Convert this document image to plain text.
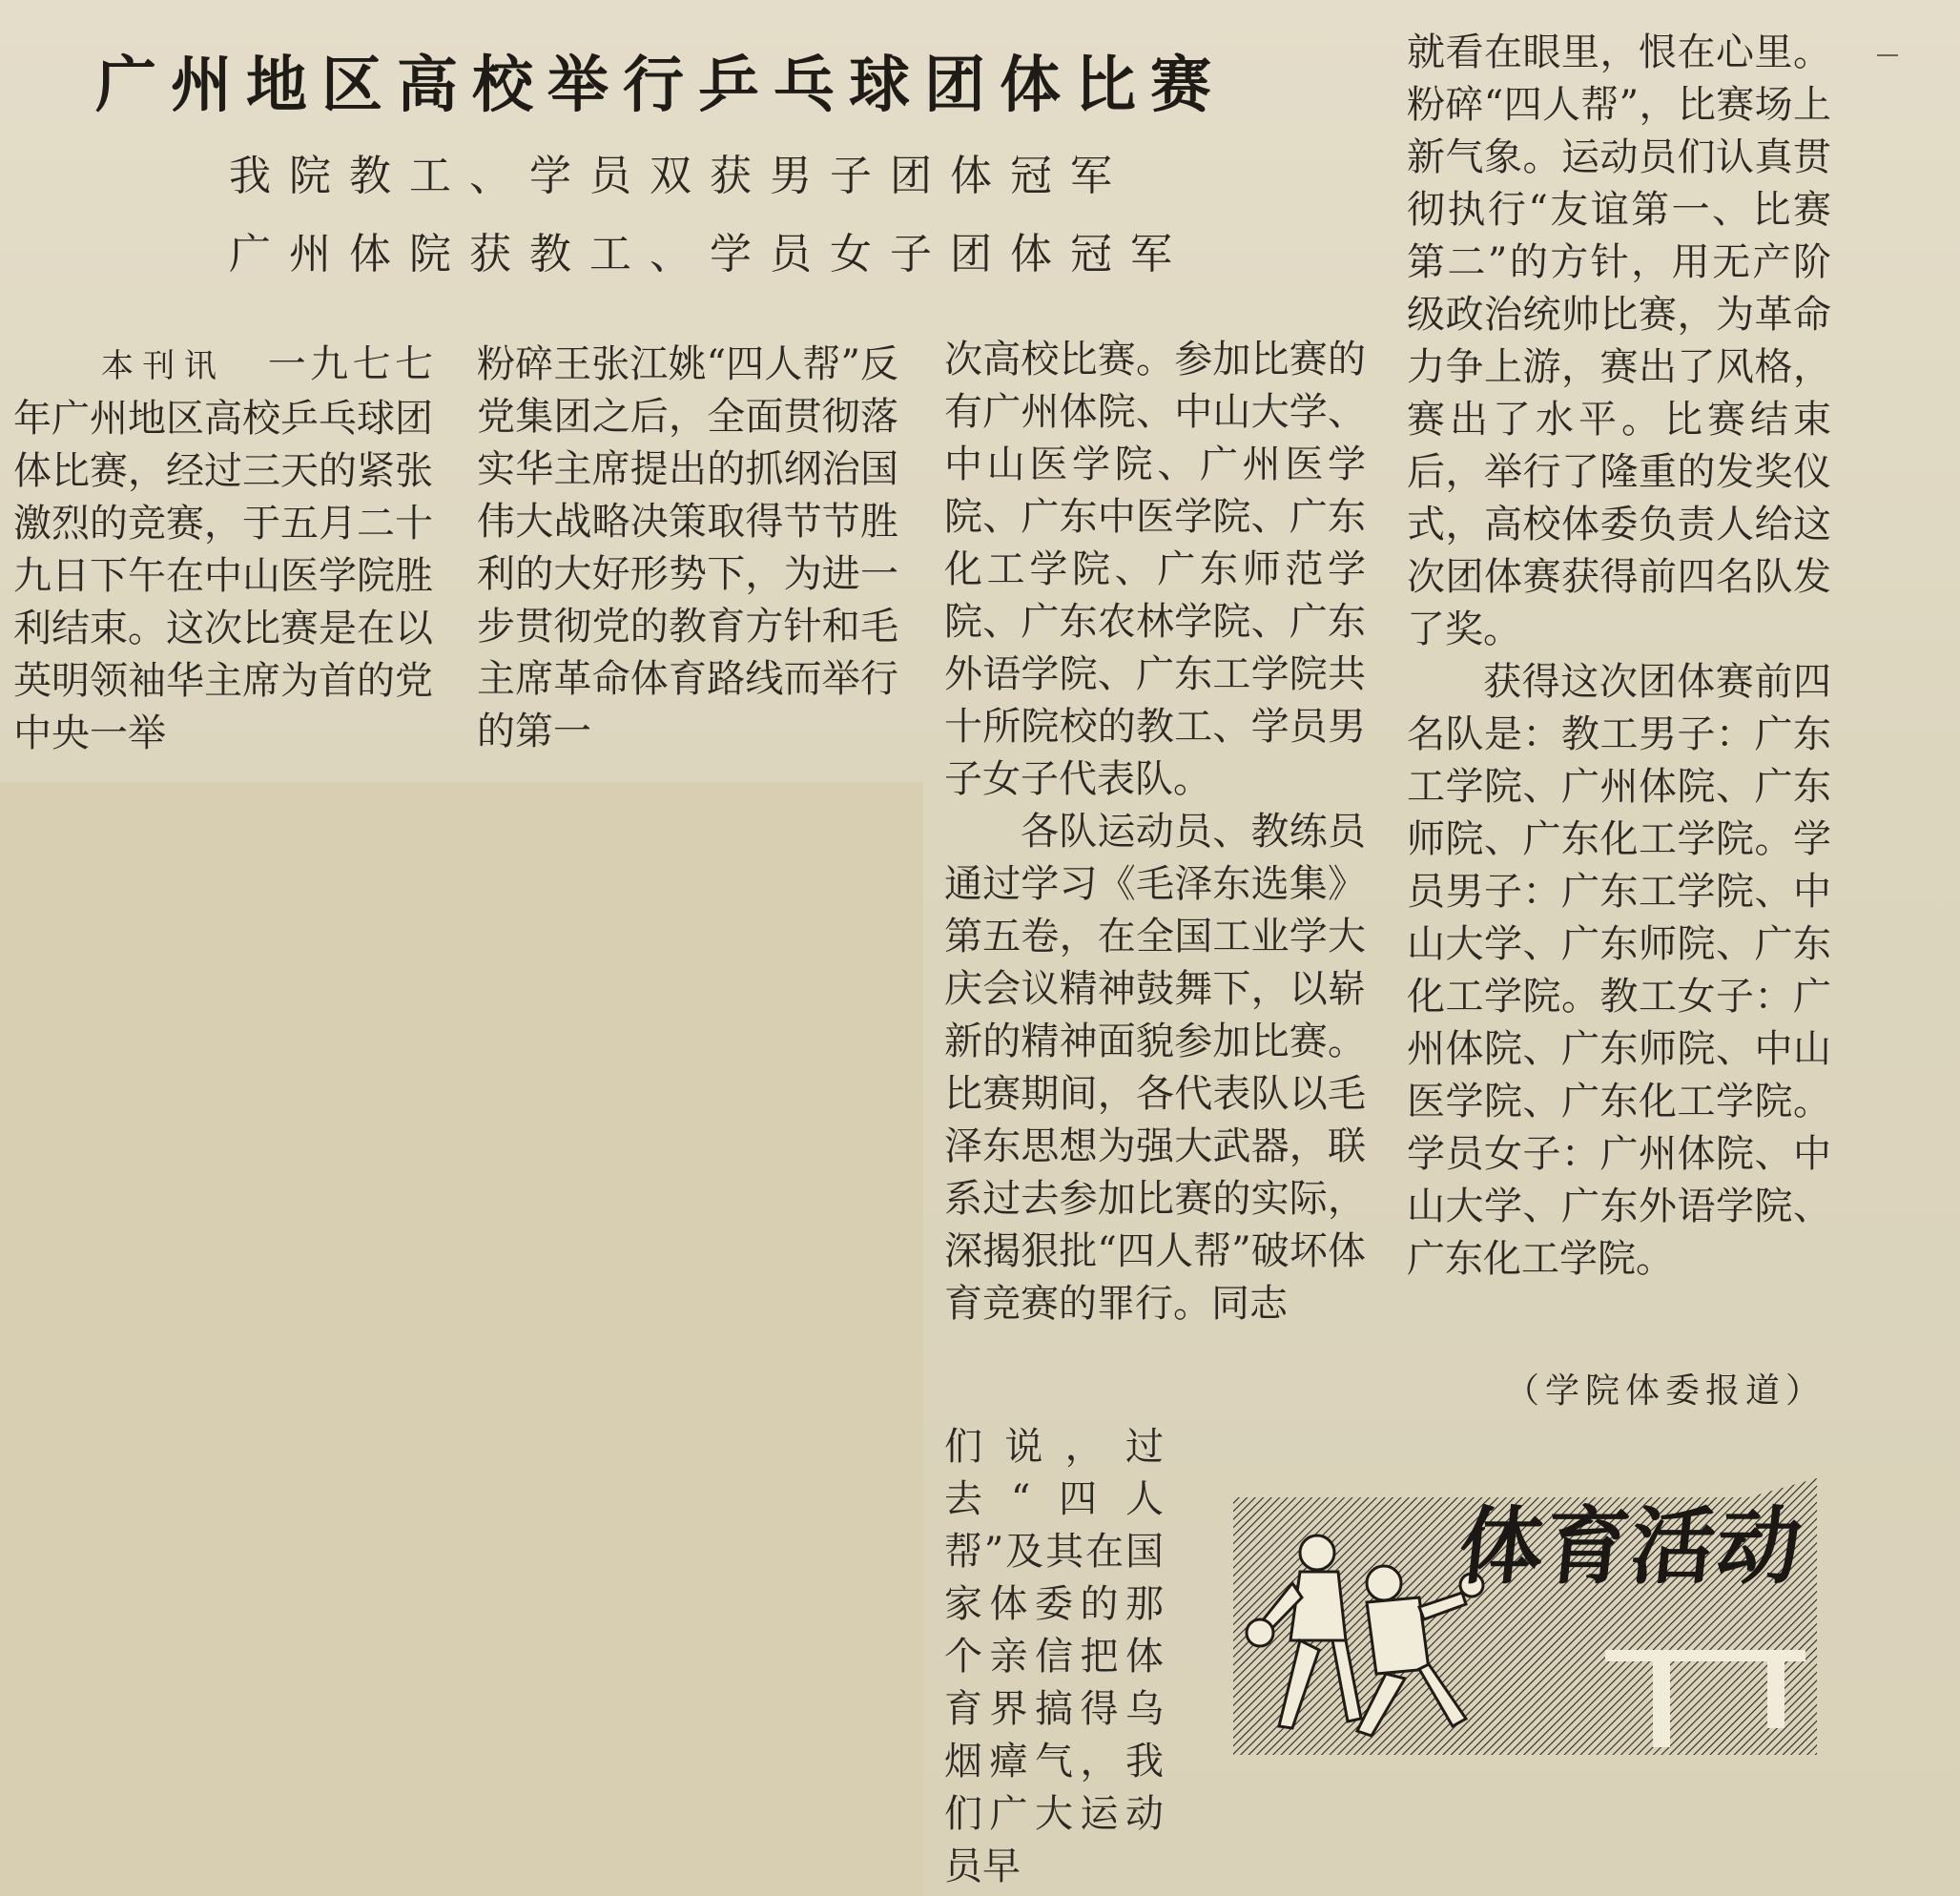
广州地区高校举行乒乓球团体比赛
我院教工、学员双获男子团体冠军
广州体院获教工、学员女子团体冠军
本刊讯　 一九七七年广州地区高校乒乓球团体比赛，经过三天的紧张激烈的竞赛，于五月二十九日下午在中山医学院胜利结束。这次比赛是在以英明领袖华主席为首的党中央一举

粉碎王张江姚“四人帮”反党集团之后，全面贯彻落实华主席提出的抓纲治国伟大战略决策取得节节胜利的大好形势下，为进一步贯彻党的教育方针和毛主席革命体育路线而举行的第一

次高校比赛。参加比赛的有广州体院、中山大学、中山医学院、广州医学院、广东中医学院、广东化工学院、广东师范学院、广东农林学院、广东外语学院、广东工学院共十所院校的教工、学员男子女子代表队。

各队运动员、教练员通过学习《毛泽东选集》第五卷，在全国工业学大庆会议精神鼓舞下，以崭新的精神面貌参加比赛。比赛期间，各代表队以毛泽东思想为强大武器，联系过去参加比赛的实际，深揭狠批“四人帮”破坏体育竞赛的罪行。同志

们说，过去“四人帮”及其在国家体委的那个亲信把体育界搞得乌烟瘴气，我们广大运动员早

就看在眼里，恨在心里。粉碎“四人帮”，比赛场上新气象。运动员们认真贯彻执行“友谊第一、比赛第二”的方针，用无产阶级政治统帅比赛，为革命力争上游，赛出了风格，赛出了水平。比赛结束后，举行了隆重的发奖仪式，高校体委负责人给这次团体赛获得前四名队发了奖。

获得这次团体赛前四名队是：教工男子：广东工学院、广州体院、广东师院、广东化工学院。学员男子：广东工学院、中山大学、广东师院、广东化工学院。教工女子：广州体院、广东师院、中山医学院、广东化工学院。学员女子：广州体院、中山大学、广东外语学院、广东化工学院。

（学院体委报道）
体育活动
